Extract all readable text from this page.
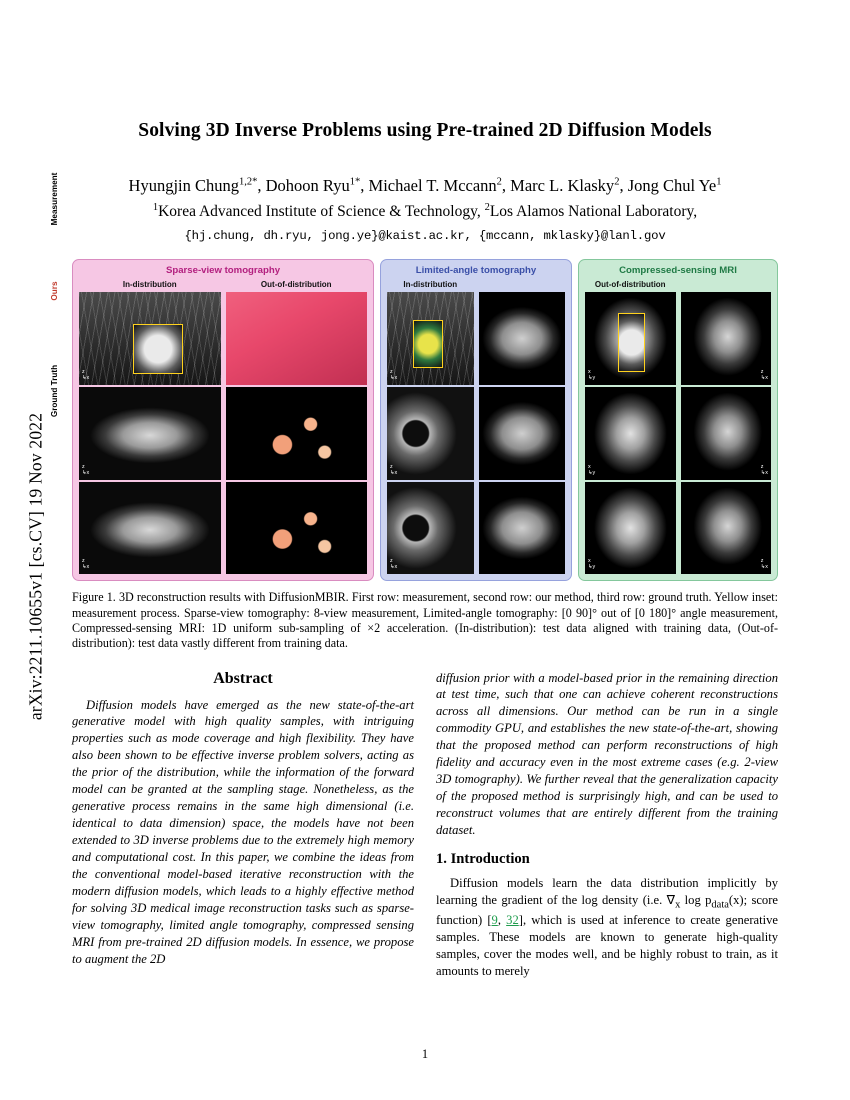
arXiv:2211.10655v1 [cs.CV] 19 Nov 2022
Solving 3D Inverse Problems using Pre-trained 2D Diffusion Models
Hyungjin Chung$^{1,2*}$, Dohoon Ryu$^{1*}$, Michael T. Mccann$^2$, Marc L. Klasky$^2$, Jong Chul Ye$^1$
$^1$Korea Advanced Institute of Science & Technology, $^2$Los Alamos National Laboratory,
{hj.chung, dh.ryu, jong.ye}@kaist.ac.kr, {mccann, mklasky}@lanl.gov
Sparse-view tomography
In-distribution
z
↳x
z
↳x
z
↳x
Out-of-distribution
Limited-angle tomography
In-distribution
z
↳x
z
↳x
z
↳x
Compressed-sensing MRI
Out-of-distribution
x
↳y
x
↳y
x
↳y
z
↳x
z
↳x
z
↳x
Figure 1. 3D reconstruction results with DiffusionMBIR. First row: measurement, second row: our method, third row: ground truth. Yellow inset: measurement process. Sparse-view tomography: 8-view measurement, Limited-angle tomography: [0 90]° out of [0 180]° angle measurement, Compressed-sensing MRI: 1D uniform sub-sampling of ×2 acceleration. (In-distribution): test data aligned with training data, (Out-of-distribution): test data vastly different from training data.
Abstract

Diffusion models have emerged as the new state-of-the-art generative model with high quality samples, with intriguing properties such as mode coverage and high flexibility. They have also been shown to be effective inverse problem solvers, acting as the prior of the distribution, while the information of the forward model can be granted at the sampling stage. Nonetheless, as the generative process remains in the same high dimensional (i.e. identical to data dimension) space, the models have not been extended to 3D inverse problems due to the extremely high memory and computational cost. In this paper, we combine the ideas from the conventional model-based iterative reconstruction with the modern diffusion models, which leads to a highly effective method for solving 3D medical image reconstruction tasks such as sparse-view tomography, limited angle tomography, compressed sensing MRI from pre-trained 2D diffusion models. In essence, we propose to augment the 2D

diffusion prior with a model-based prior in the remaining direction at test time, such that one can achieve coherent reconstructions across all dimensions. Our method can be run in a single commodity GPU, and establishes the new state-of-the-art, showing that the proposed method can perform reconstructions of high fidelity and accuracy even in the most extreme cases (e.g. 2-view 3D tomography). We further reveal that the generalization capacity of the proposed method is surprisingly high, and can be used to reconstruct volumes that are entirely different from the training dataset.

1. Introduction

Diffusion models learn the data distribution implicitly by learning the gradient of the log density (i.e. $\nabla_x$ $\log p_{data}(x)$; score function) [9, 32], which is used at inference to create generative samples. These models are known to generate high-quality samples, cover the modes well, and be highly robust to train, as it amounts to merely

Measurement
Ours
Ground Truth
1
